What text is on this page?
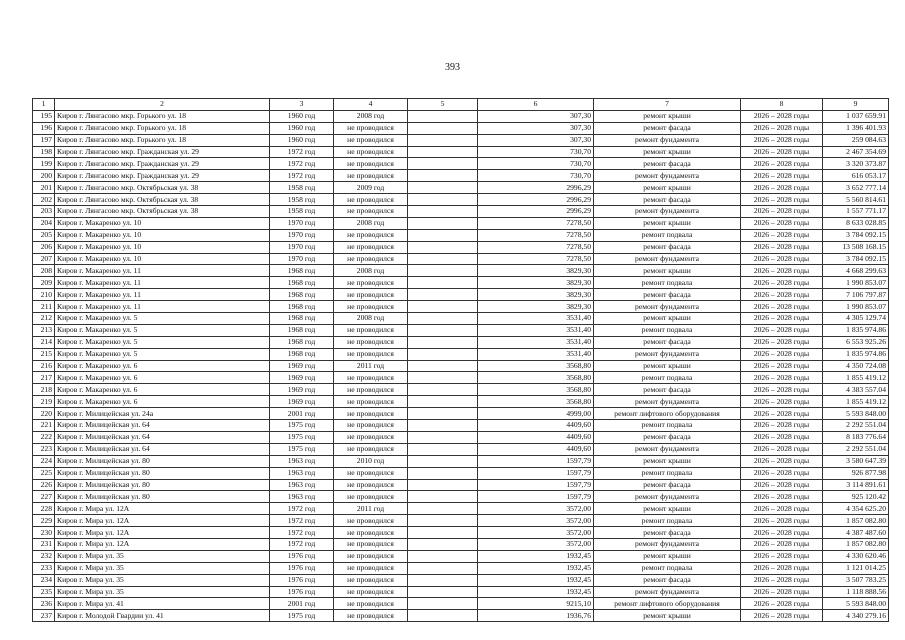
393
1	2	3	4	5	6	7	8	9
195	Киров г. Лянгасово мкр. Горького ул. 18	1960 год	2008 год		307,30	ремонт крыши	2026 – 2028 годы	1 037 659.91
196	Киров г. Лянгасово мкр. Горького ул. 18	1960 год	не проводился		307,30	ремонт фасада	2026 – 2028 годы	1 396 401.93
197	Киров г. Лянгасово мкр. Горького ул. 18	1960 год	не проводился		307,30	ремонт фундамента	2026 – 2028 годы	259 084.63
198	Киров г. Лянгасово мкр. Гражданская ул. 29	1972 год	не проводился		730,70	ремонт крыши	2026 – 2028 годы	2 467 354.69
199	Киров г. Лянгасово мкр. Гражданская ул. 29	1972 год	не проводился		730,70	ремонт фасада	2026 – 2028 годы	3 320 373.87
200	Киров г. Лянгасово мкр. Гражданская ул. 29	1972 год	не проводился		730,70	ремонт фундамента	2026 – 2028 годы	616 053.17
201	Киров г. Лянгасово мкр. Октябрьская ул. 38	1958 год	2009 год		2996,29	ремонт крыши	2026 – 2028 годы	3 652 777.14
202	Киров г. Лянгасово мкр. Октябрьская ул. 38	1958 год	не проводился		2996,29	ремонт фасада	2026 – 2028 годы	5 560 814.61
203	Киров г. Лянгасово мкр. Октябрьская ул. 38	1958 год	не проводился		2996,29	ремонт фундамента	2026 – 2028 годы	1 557 771.17
204	Киров г. Макаренко ул. 10	1970 год	2008 год		7278,50	ремонт крыши	2026 – 2028 годы	8 633 028.85
205	Киров г. Макаренко ул. 10	1970 год	не проводился		7278,50	ремонт подвала	2026 – 2028 годы	3 784 092.15
206	Киров г. Макаренко ул. 10	1970 год	не проводился		7278,50	ремонт фасада	2026 – 2028 годы	13 508 168.15
207	Киров г. Макаренко ул. 10	1970 год	не проводился		7278,50	ремонт фундамента	2026 – 2028 годы	3 784 092.15
208	Киров г. Макаренко ул. 11	1968 год	2008 год		3829,30	ремонт крыши	2026 – 2028 годы	4 668 299.63
209	Киров г. Макаренко ул. 11	1968 год	не проводился		3829,30	ремонт подвала	2026 – 2028 годы	1 990 853.07
210	Киров г. Макаренко ул. 11	1968 год	не проводился		3829,30	ремонт фасада	2026 – 2028 годы	7 106 797.87
211	Киров г. Макаренко ул. 11	1968 год	не проводился		3829,30	ремонт фундамента	2026 – 2028 годы	1 990 853.07
212	Киров г. Макаренко ул. 5	1968 год	2008 год		3531,40	ремонт крыши	2026 – 2028 годы	4 305 129.74
213	Киров г. Макаренко ул. 5	1968 год	не проводился		3531,40	ремонт подвала	2026 – 2028 годы	1 835 974.86
214	Киров г. Макаренко ул. 5	1968 год	не проводился		3531,40	ремонт фасада	2026 – 2028 годы	6 553 925.26
215	Киров г. Макаренко ул. 5	1968 год	не проводился		3531,40	ремонт фундамента	2026 – 2028 годы	1 835 974.86
216	Киров г. Макаренко ул. 6	1969 год	2011 год		3568,80	ремонт крыши	2026 – 2028 годы	4 350 724.08
217	Киров г. Макаренко ул. 6	1969 год	не проводился		3568,80	ремонт подвала	2026 – 2028 годы	1 855 419.12
218	Киров г. Макаренко ул. 6	1969 год	не проводился		3568,80	ремонт фасада	2026 – 2028 годы	4 383 557.04
219	Киров г. Макаренко ул. 6	1969 год	не проводился		3568,80	ремонт фундамента	2026 – 2028 годы	1 855 419.12
220	Киров г. Милицейская ул. 24а	2001 год	не проводился		4999,00	ремонт лифтового оборудования	2026 – 2028 годы	5 593 848.00
221	Киров г. Милицейская ул. 64	1975 год	не проводился		4409,60	ремонт подвала	2026 – 2028 годы	2 292 551.04
222	Киров г. Милицейская ул. 64	1975 год	не проводился		4409,60	ремонт фасада	2026 – 2028 годы	8 183 776.64
223	Киров г. Милицейская ул. 64	1975 год	не проводился		4409,60	ремонт фундамента	2026 – 2028 годы	2 292 551.04
224	Киров г. Милицейская ул. 80	1963 год	2010 год		1597,79	ремонт крыши	2026 – 2028 годы	3 580 647.39
225	Киров г. Милицейская ул. 80	1963 год	не проводился		1597,79	ремонт подвала	2026 – 2028 годы	926 877.98
226	Киров г. Милицейская ул. 80	1963 год	не проводился		1597,79	ремонт фасада	2026 – 2028 годы	3 114 891.61
227	Киров г. Милицейская ул. 80	1963 год	не проводился		1597,79	ремонт фундамента	2026 – 2028 годы	925 120.42
228	Киров г. Мира ул. 12А	1972 год	2011 год		3572,00	ремонт крыши	2026 – 2028 годы	4 354 625.20
229	Киров г. Мира ул. 12А	1972 год	не проводился		3572,00	ремонт подвала	2026 – 2028 годы	1 857 082.80
230	Киров г. Мира ул. 12А	1972 год	не проводился		3572,00	ремонт фасада	2026 – 2028 годы	4 387 487.60
231	Киров г. Мира ул. 12А	1972 год	не проводился		3572,00	ремонт фундамента	2026 – 2028 годы	1 857 082.80
232	Киров г. Мира ул. 35	1976 год	не проводился		1932,45	ремонт крыши	2026 – 2028 годы	4 330 620.46
233	Киров г. Мира ул. 35	1976 год	не проводился		1932,45	ремонт подвала	2026 – 2028 годы	1 121 014.25
234	Киров г. Мира ул. 35	1976 год	не проводился		1932,45	ремонт фасада	2026 – 2028 годы	3 507 783.25
235	Киров г. Мира ул. 35	1976 год	не проводился		1932,45	ремонт фундамента	2026 – 2028 годы	1 118 888.56
236	Киров г. Мира ул. 41	2001 год	не проводился		9215,10	ремонт лифтового оборудования	2026 – 2028 годы	5 593 848.00
237	Киров г. Молодой Гвардии ул. 41	1975 год	не проводился		1936,76	ремонт крыши	2026 – 2028 годы	4 340 279.16
